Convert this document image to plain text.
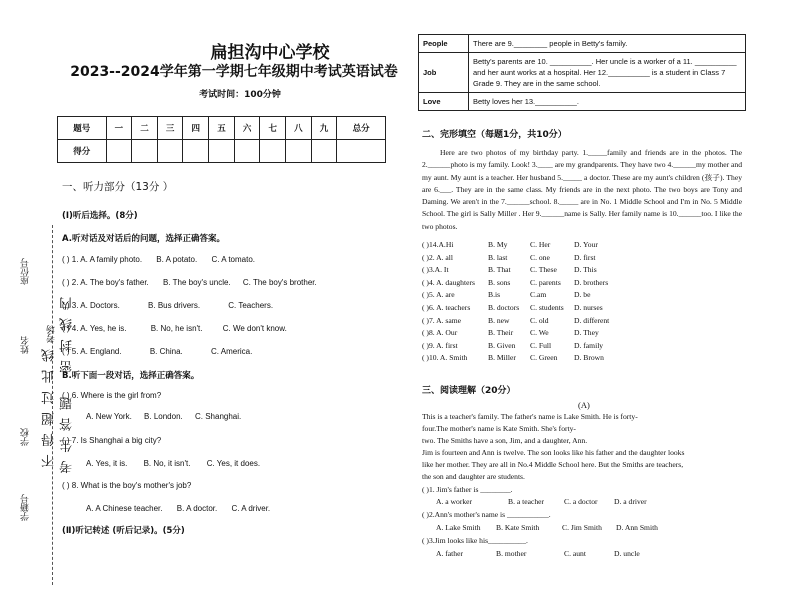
座位号
考场
姓名
学校
学籍号
密 封 线 内
不 得 超 过 此 线 考 生 答 题
扁担沟中心学校
2023--2024学年第一学期七年级期中考试英语试卷
考试时间：100分钟
题号	一	二	三	四	五	六	七	八	九	总分
得分										
一、听力部分（13分 ）
(Ⅰ)听后选择。(8分)
A.听对话及对话后的问题，选择正确答案。
( ) 1. A. A family photo. B. A potato. C. A tomato.
( ) 2. A. The boy's father. B. The boy's uncle. C. The boy's brother.
( ) 3. A. Doctors.	B. Bus drivers.	C. Teachers.
( ) 4. A. Yes, he is.	B. No, he isn't.	C. We don't know.
( ) 5. A. England.	B. China.	C. America.
B.听下面一段对话，选择正确答案。
( ) 6. Where is the girl from?
A. New York. B. London. C. Shanghai.
( ) 7. Is Shanghai a big city?
A. Yes, it is. B. No, it isn't. C. Yes, it does.
( ) 8. What is the boy's mother's job?
A. A Chinese teacher. B. A doctor. C. A driver.
(Ⅱ)听记转述 (听后记录)。(5分)
People	There are 9.________ people in Betty's family.
Job	Betty's parents are 10. __________. Her uncle is a worker of a 11. __________ and her aunt works at a hospital. Her 12.__________ is a student in Class 7 Grade 9. They are in the same school.
Love	Betty loves her 13.__________.
二、完形填空（每题1分，共10分）
Here are two photos of my birthday party. 1._____family and friends are in the photos. The 2.______photo is my family. Look! 3.____ are my grandparents. They have two 4.______my mother and my aunt. My aunt is a teacher. Her husband 5._____ a doctor. These are my aunt's children (孩子). They are 6.___. They are in the same class. My friends are in the next photo. The two boys are Tony and Daming. We aren't in the 7.______school. 8._____ are in No. 1 Middle School and I'm in No. 5 Middle School. The girl is Sally Miller . Her 9.______name is Sally. Her family name is 10.______too. I like the two photos.
( )14.A.Hi	B. My	C. Her	D. Your
( )2. A. all	B. last	C. one	D. first
( )3.A. It	B. That	C. These D. This
( )4. A. daughters B. sons	C. parents D. brothers
( )5. A. are	B.is	C.am	D. be
( )6. A. teachers B. doctors C. students D. nurses
( )7. A. same	B. new	C. old	D. different
( )8. A. Our	B. Their C. We	D. They
( )9. A. first	B. Given C. Full	D. family
( )10. A. Smith	B. Miller C. Green D. Brown
三、阅读理解（20分）
(A)
This is a teacher's family. The father's name is Lake Smith. He is forty-
four.The mother's name is Kate Smith. She's forty-
two. The Smiths have a son, Jim, and a daughter, Ann.
Jim is fourteen and Ann is twelve. The son looks like his father and the daughter looks
like her mother. They are all in No.4 Middle School here. But the Smiths are teachers,
the son and daughter are students.
( )1. Jim's father is ________.
A. a worker	B. a teacher	C. a doctor D. a driver
( )2.Ann's mother's name is ___________.
A. Lake Smith B. Kate Smith	C. Jim Smith D. Ann Smith
( )3.Jim looks like his__________.
A. father	B. mother	C. aunt	D. uncle
